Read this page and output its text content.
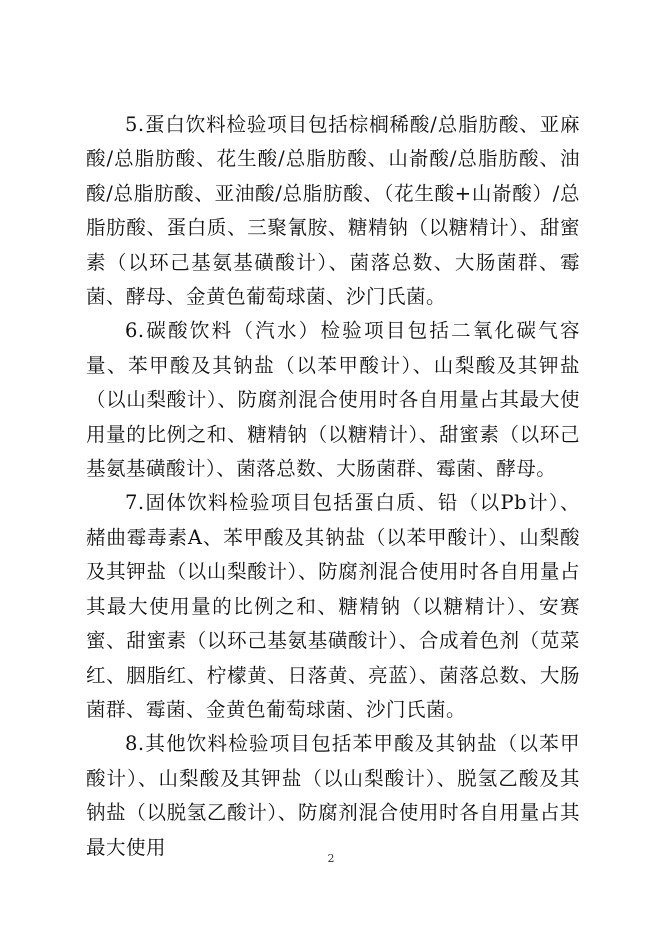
5.蛋白饮料检验项目包括棕榈稀酸/总脂肪酸、亚麻酸/总脂肪酸、花生酸/总脂肪酸、山嵛酸/总脂肪酸、油酸/总脂肪酸、亚油酸/总脂肪酸、（花生酸+山嵛酸）/总脂肪酸、蛋白质、三聚氰胺、糖精钠（以糖精计）、甜蜜素（以环己基氨基磺酸计）、菌落总数、大肠菌群、霉菌、酵母、金黄色葡萄球菌、沙门氏菌。

6.碳酸饮料（汽水）检验项目包括二氧化碳气容量、苯甲酸及其钠盐（以苯甲酸计）、山梨酸及其钾盐（以山梨酸计）、防腐剂混合使用时各自用量占其最大使用量的比例之和、糖精钠（以糖精计）、甜蜜素（以环己基氨基磺酸计）、菌落总数、大肠菌群、霉菌、酵母。

7.固体饮料检验项目包括蛋白质、铅（以Pb计）、赭曲霉毒素A、苯甲酸及其钠盐（以苯甲酸计）、山梨酸及其钾盐（以山梨酸计）、防腐剂混合使用时各自用量占其最大使用量的比例之和、糖精钠（以糖精计）、安赛蜜、甜蜜素（以环己基氨基磺酸计）、合成着色剂（苋菜红、胭脂红、柠檬黄、日落黄、亮蓝）、菌落总数、大肠菌群、霉菌、金黄色葡萄球菌、沙门氏菌。

8.其他饮料检验项目包括苯甲酸及其钠盐（以苯甲酸计）、山梨酸及其钾盐（以山梨酸计）、脱氢乙酸及其钠盐（以脱氢乙酸计）、防腐剂混合使用时各自用量占其最大使用	2
